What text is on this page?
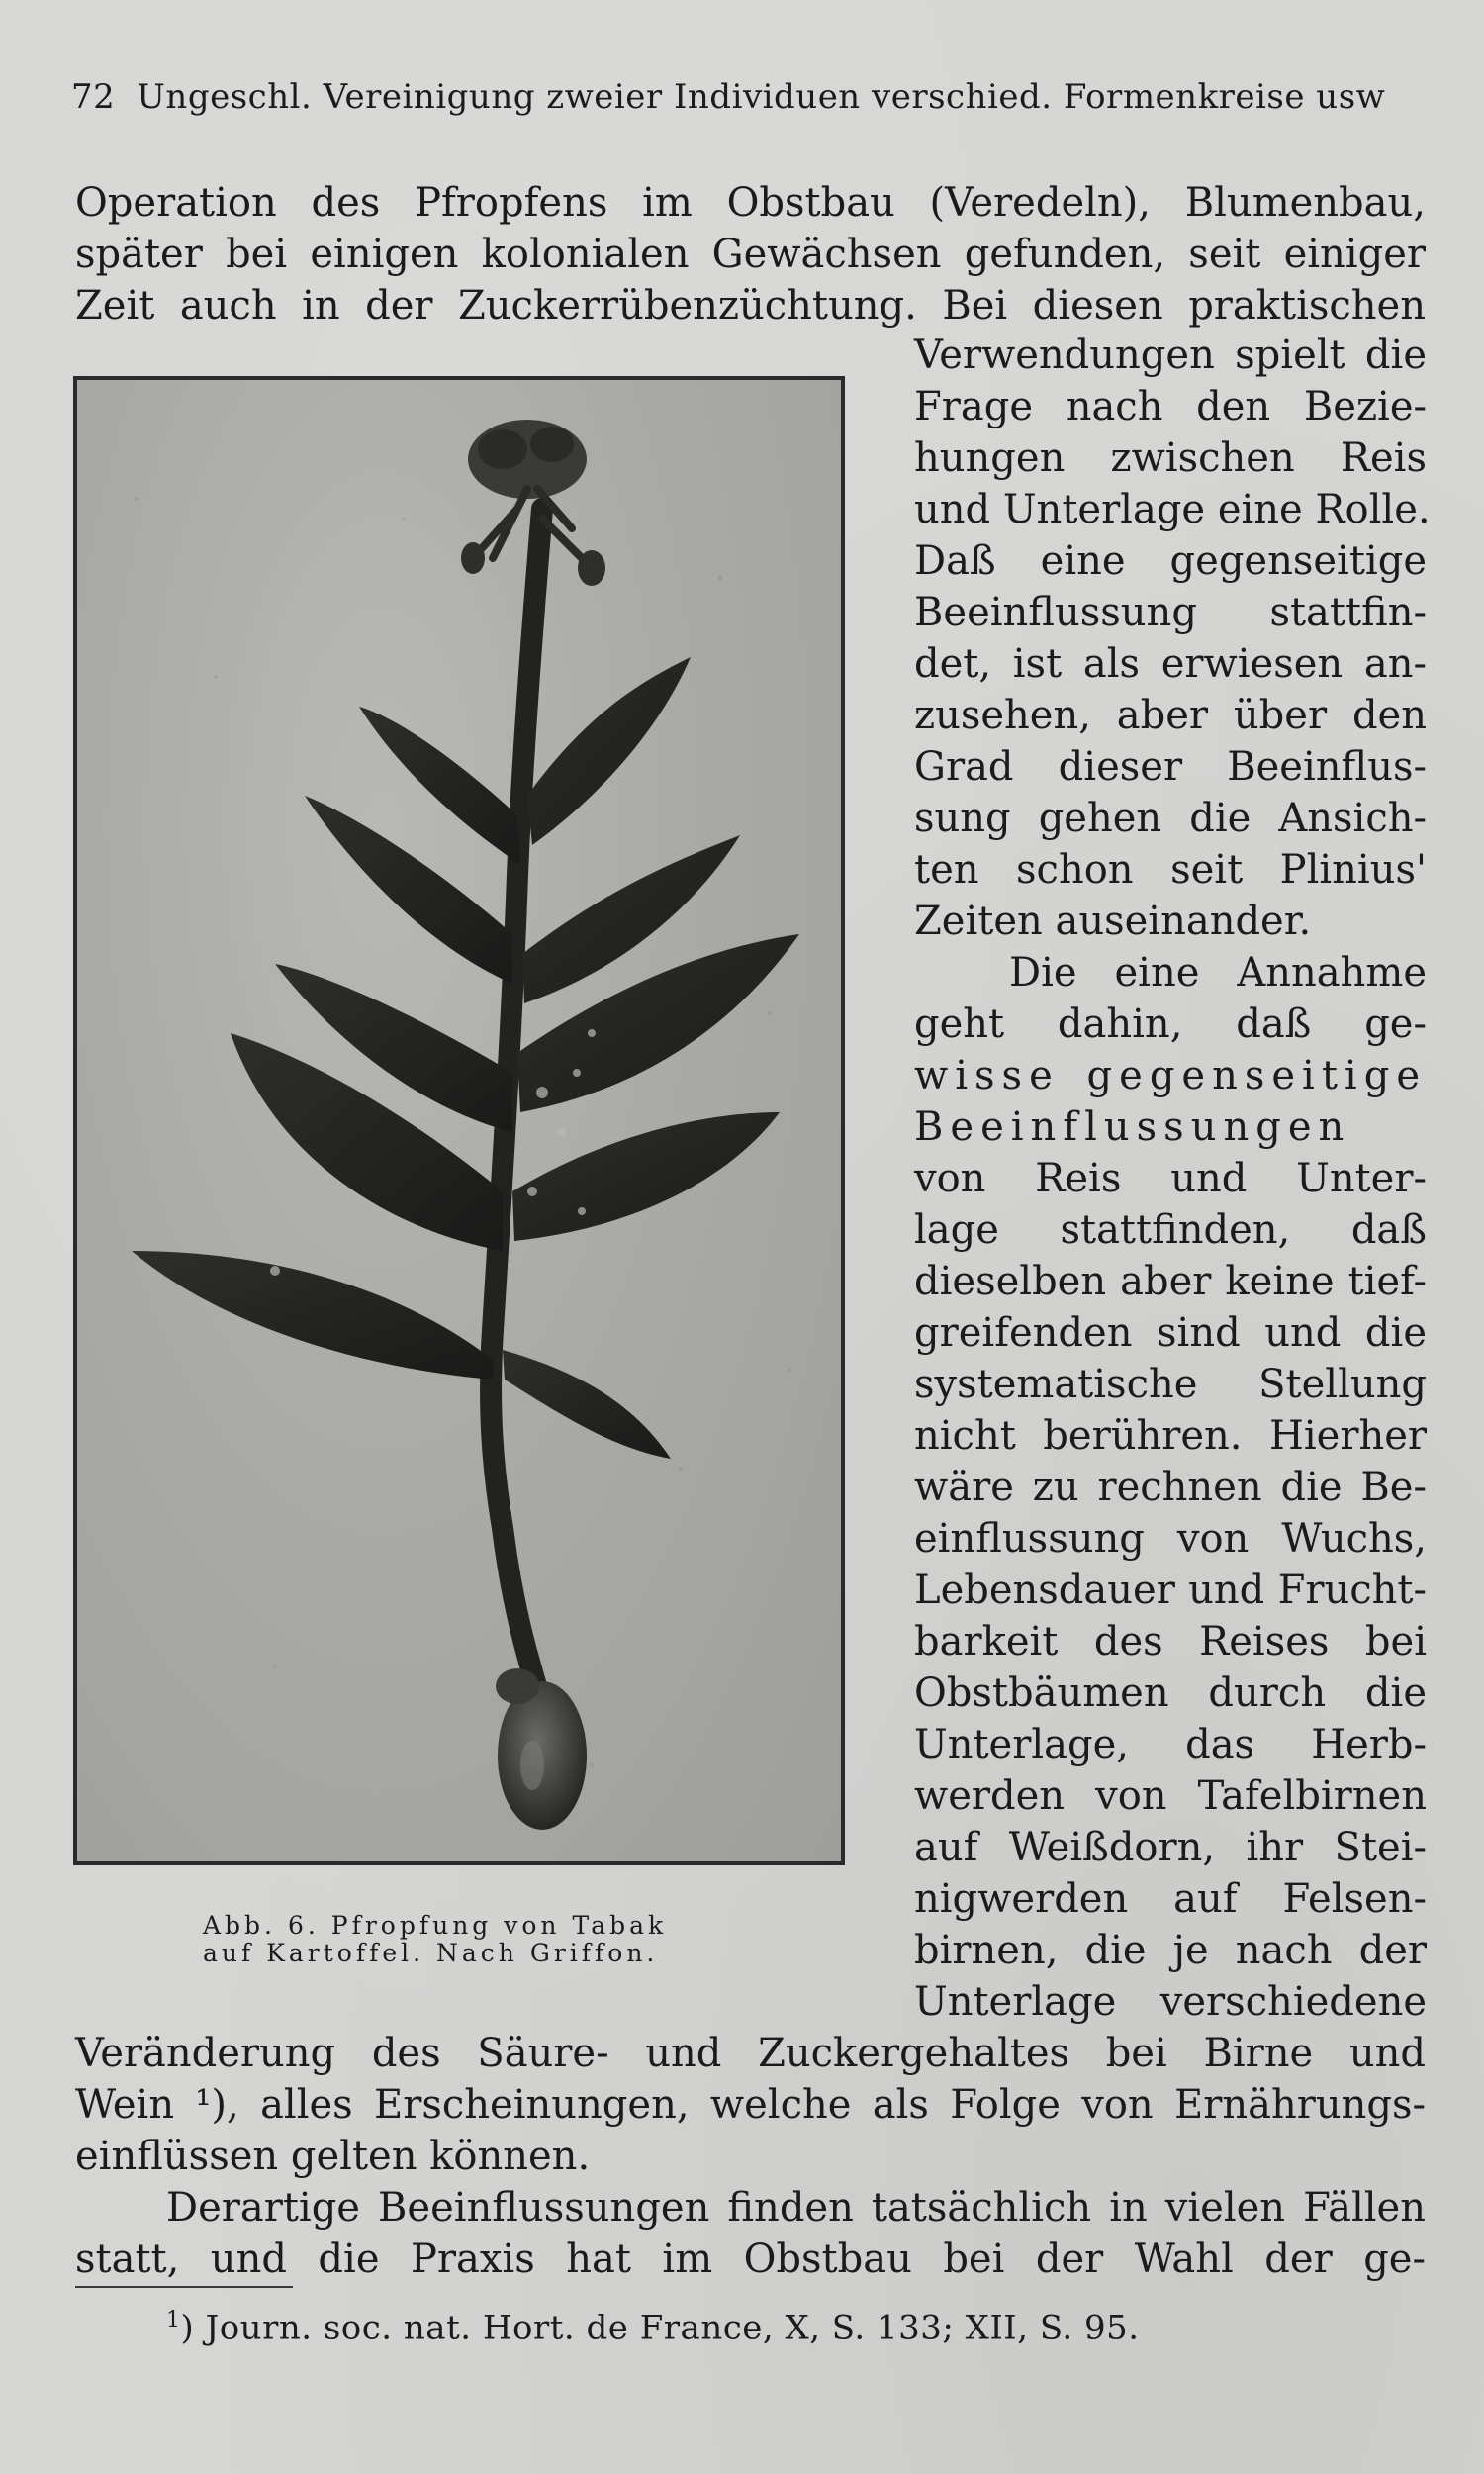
72 Ungeschl. Vereinigung zweier Individuen verschied. Formenkreise usw
Operation des Pfropfens im Obstbau (Veredeln), Blumenbau,
später bei einigen kolonialen Gewächsen gefunden, seit einiger
Zeit auch in der Zuckerrübenzüchtung. Bei diesen praktischen
Verwendungen spielt die
Frage nach den Bezie-
hungen zwischen Reis
und Unterlage eine Rolle.
Daß eine gegenseitige
Beeinflussung stattfin-
det, ist als erwiesen an-
zusehen, aber über den
Grad dieser Beeinflus-
sung gehen die Ansich-
ten schon seit Plinius'
Zeiten auseinander.
Die eine Annahme
geht dahin, daß ge-
wisse gegenseitige
Beeinflussungen
von Reis und Unter-
lage stattfinden, daß
dieselben aber keine tief-
greifenden sind und die
systematische Stellung
nicht berühren. Hierher
wäre zu rechnen die Be-
einflussung von Wuchs,
Lebensdauer und Frucht-
barkeit des Reises bei
Obstbäumen durch die
Unterlage, das Herb-
werden von Tafelbirnen
auf Weißdorn, ihr Stei-
nigwerden auf Felsen-
birnen, die je nach der
Unterlage verschiedene
Veränderung des Säure- und Zuckergehaltes bei Birne und
Wein ¹), alles Erscheinungen, welche als Folge von Ernährungs-
einflüssen gelten können.
Derartige Beeinflussungen finden tatsächlich in vielen Fällen
statt, und die Praxis hat im Obstbau bei der Wahl der ge-
Abb. 6. Pfropfung von Tabak
auf Kartoffel. Nach Griffon.
$^1$) Journ. soc. nat. Hort. de France, X, S. 133; XII, S. 95.
